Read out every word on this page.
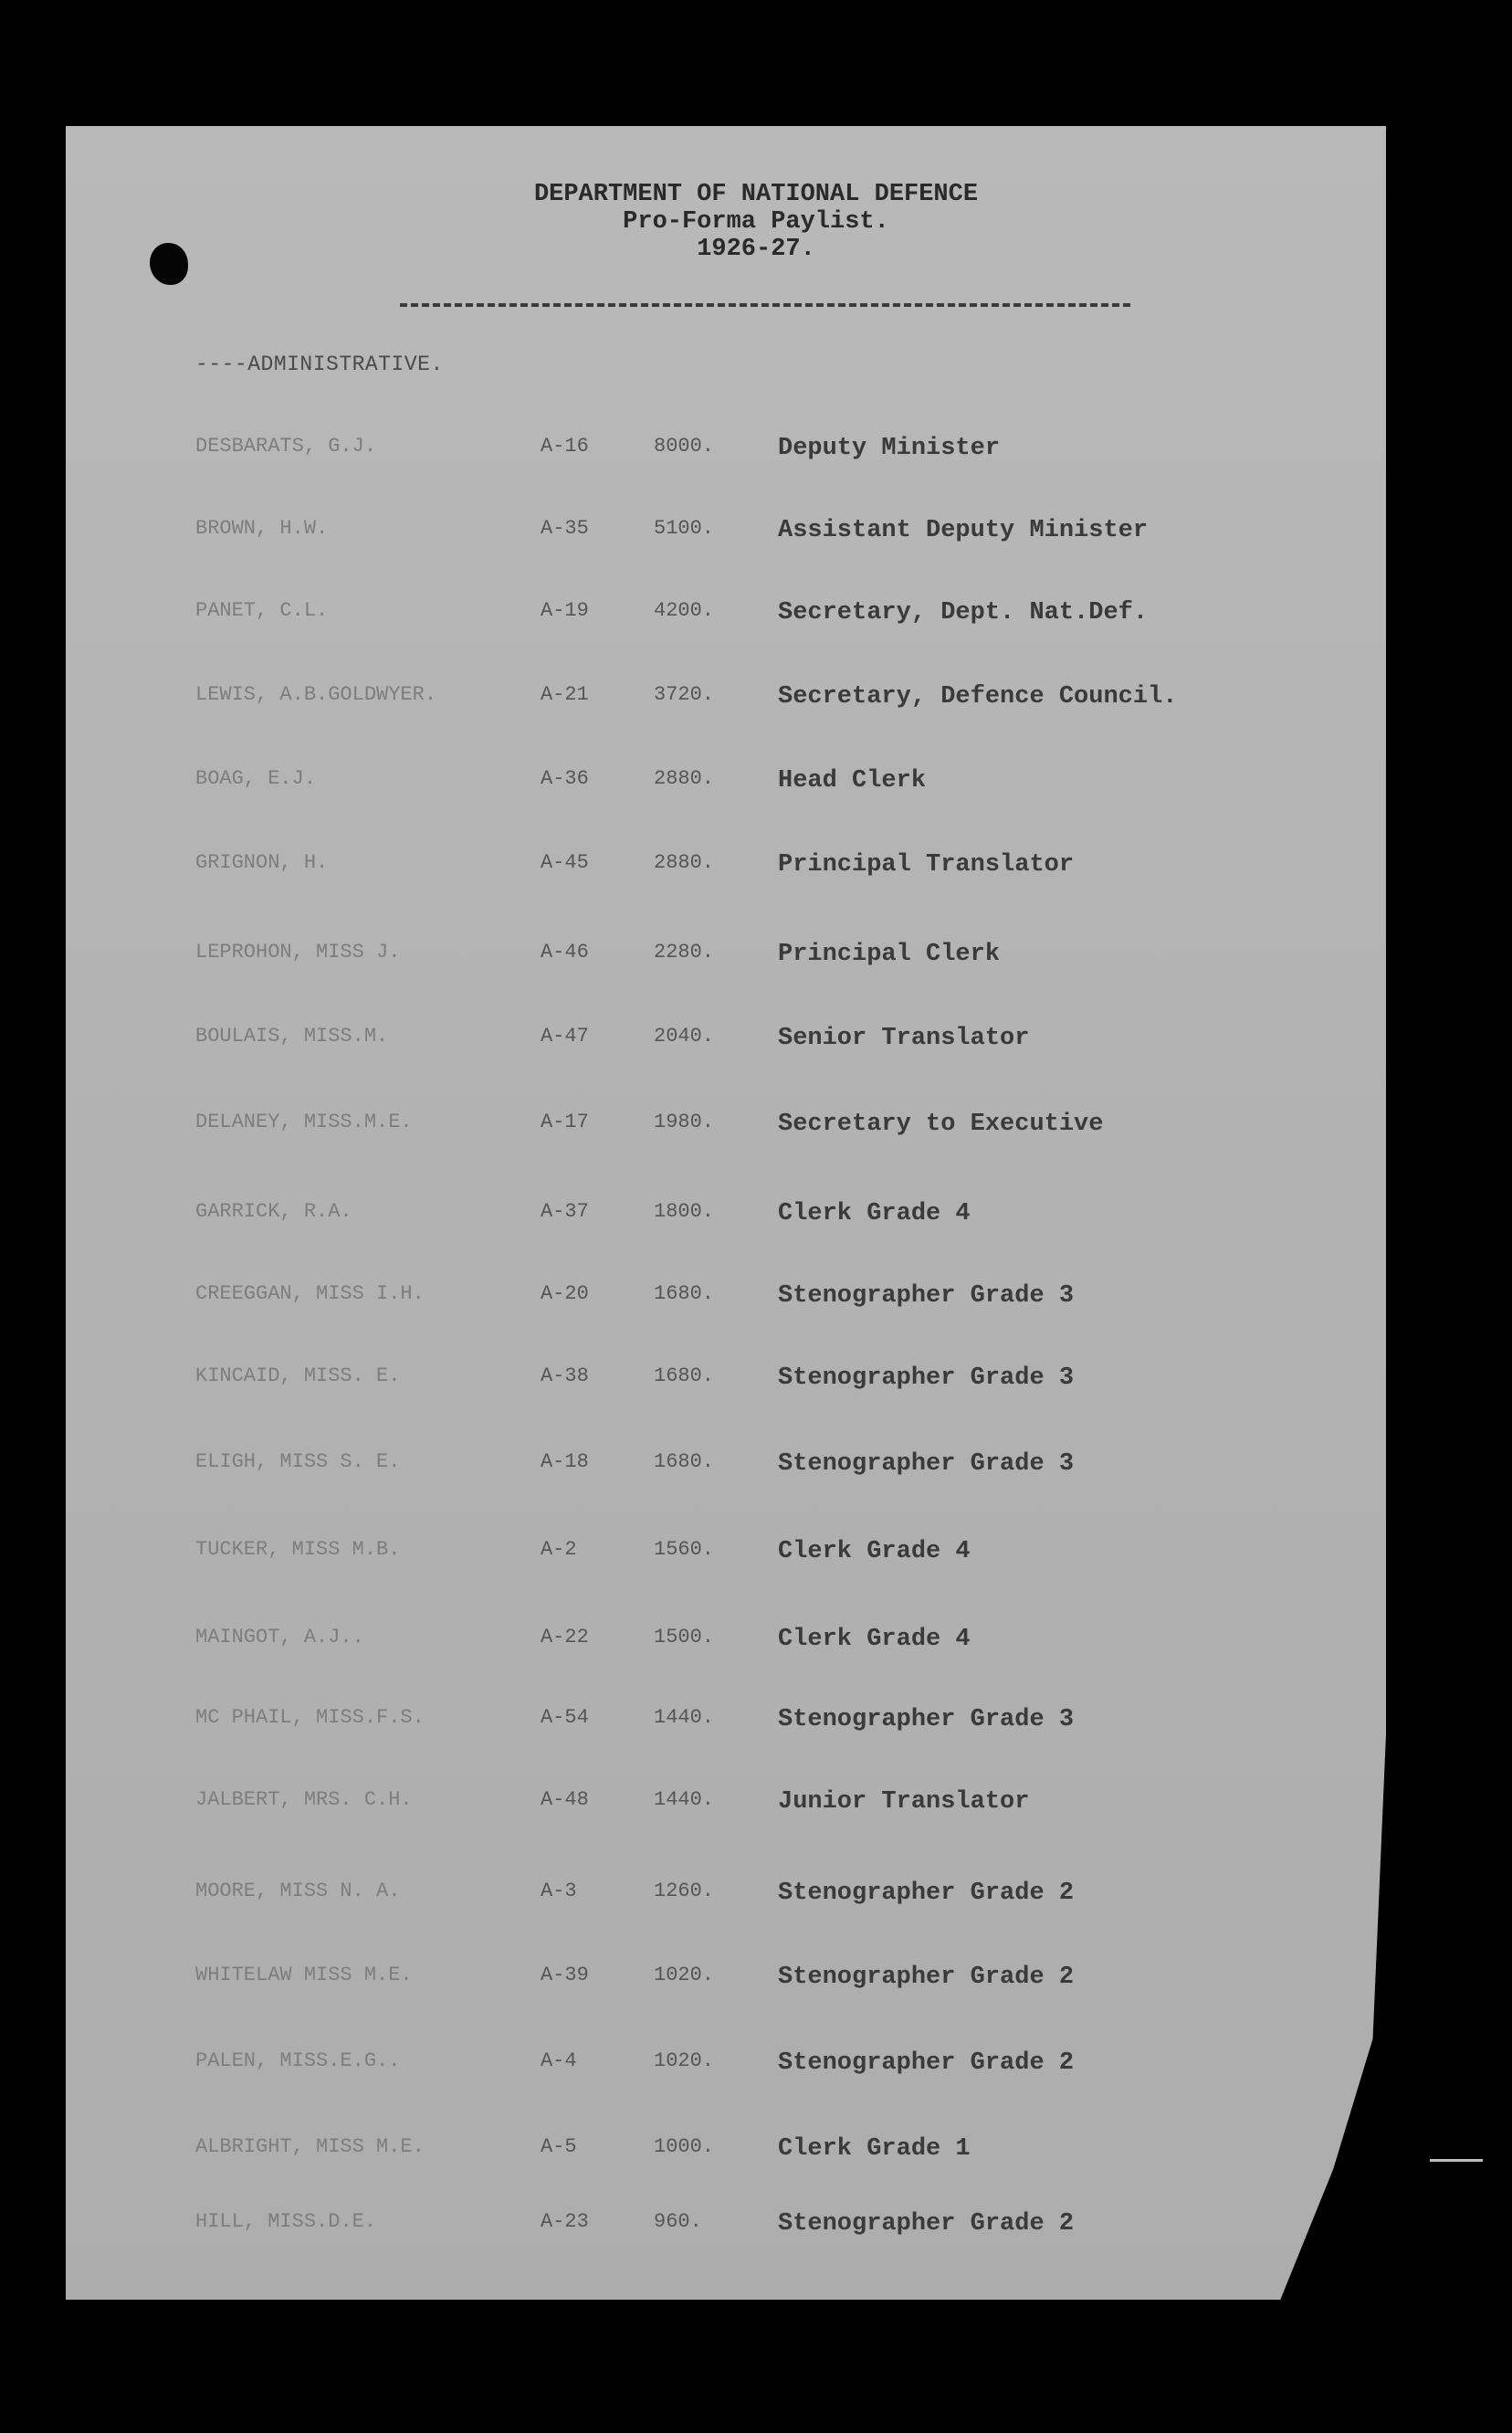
DEPARTMENT OF NATIONAL DEFENCE
Pro-Forma Paylist.
1926-27.
----ADMINISTRATIVE.
DESBARATS, G.J.	A-16	8000.	Deputy Minister
BROWN, H.W.	A-35	5100.	Assistant Deputy Minister
PANET, C.L.	A-19	4200.	Secretary, Dept. Nat.Def.
LEWIS, A.B.GOLDWYER.	A-21	3720.	Secretary, Defence Council.
BOAG, E.J.	A-36	2880.	Head Clerk
GRIGNON, H.	A-45	2880.	Principal Translator
LEPROHON, MISS J.	A-46	2280.	Principal Clerk
BOULAIS, MISS.M.	A-47	2040.	Senior Translator
DELANEY, MISS.M.E.	A-17	1980.	Secretary to Executive
GARRICK, R.A.	A-37	1800.	Clerk Grade 4
CREEGGAN, MISS I.H.	A-20	1680.	Stenographer Grade 3
KINCAID, MISS. E.	A-38	1680.	Stenographer Grade 3
ELIGH, MISS S. E.	A-18	1680.	Stenographer Grade 3
TUCKER, MISS M.B.	A-2	1560.	Clerk Grade 4
MAINGOT, A.J..	A-22	1500.	Clerk Grade 4
MC PHAIL, MISS.F.S.	A-54	1440.	Stenographer Grade 3
JALBERT, MRS. C.H.	A-48	1440.	Junior Translator
MOORE, MISS N. A.	A-3	1260.	Stenographer Grade 2
WHITELAW MISS M.E.	A-39	1020.	Stenographer Grade 2
PALEN, MISS.E.G..	A-4	1020.	Stenographer Grade 2
ALBRIGHT, MISS M.E.	A-5	1000.	Clerk Grade 1
HILL, MISS.D.E.	A-23	960.	Stenographer Grade 2
